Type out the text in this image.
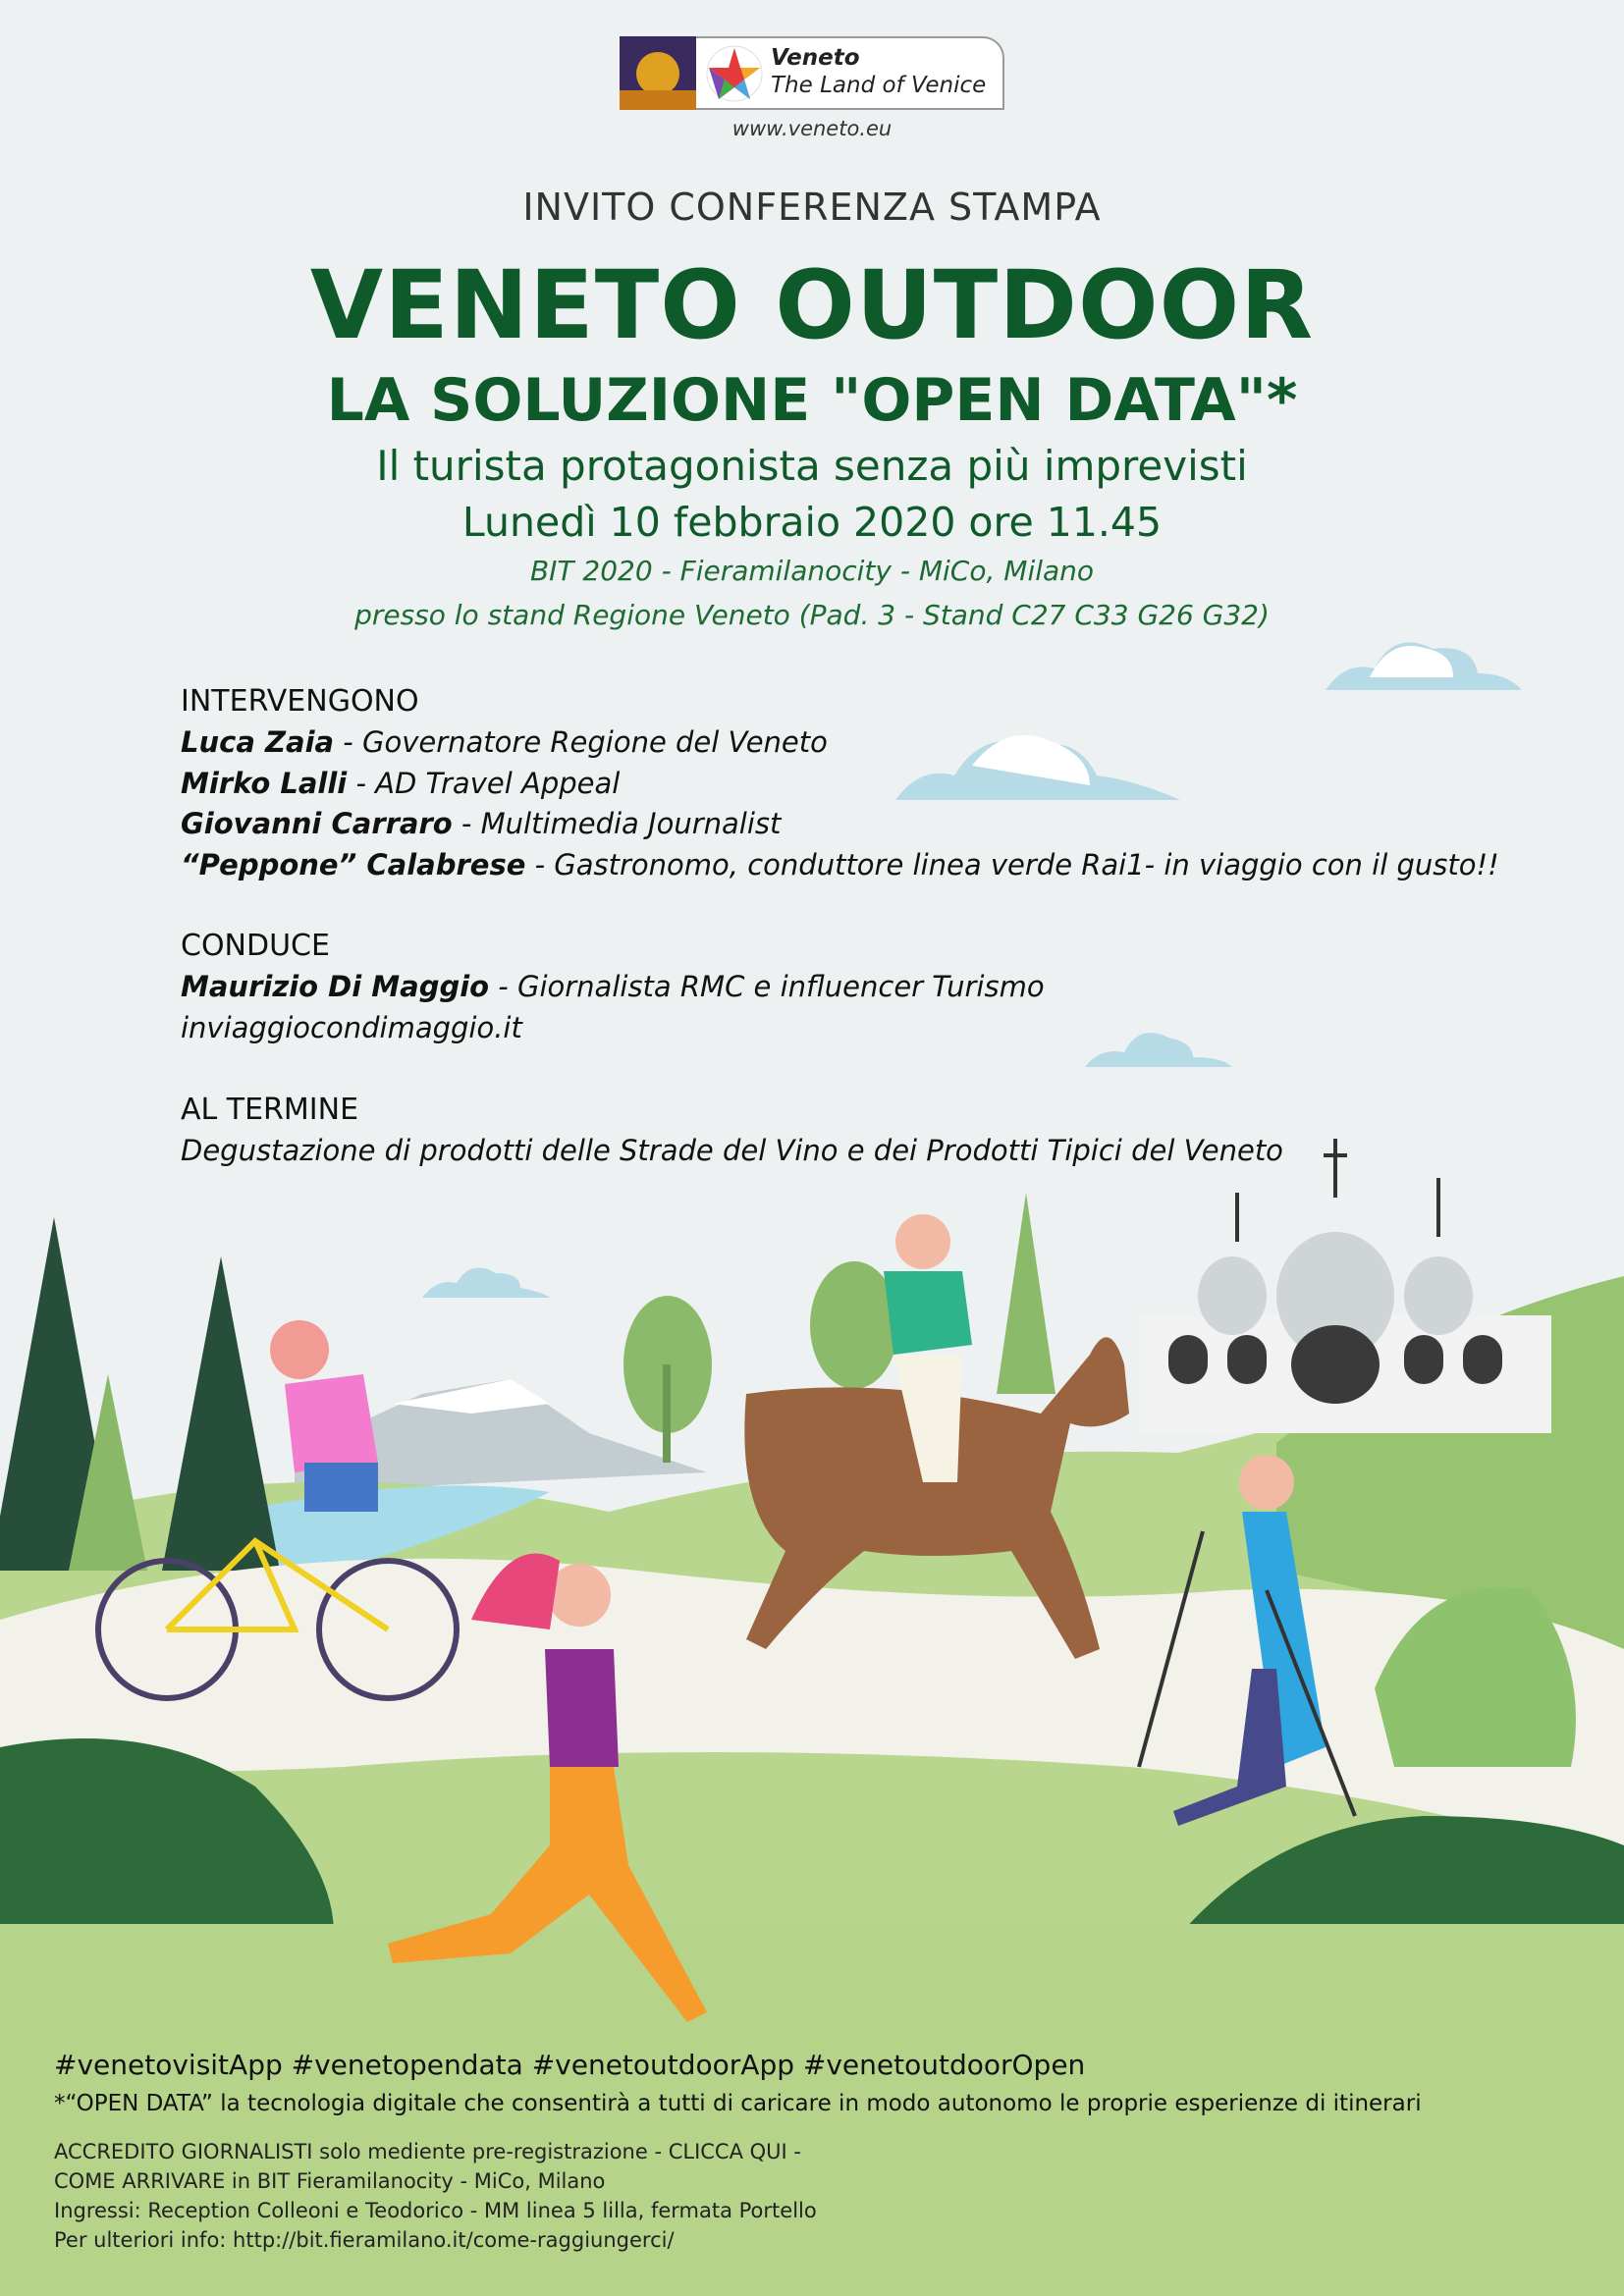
Veneto
The Land of Venice
www.veneto.eu
INVITO CONFERENZA STAMPA
VENETO OUTDOOR
LA SOLUZIONE "OPEN DATA"*
Il turista protagonista senza più imprevisti
Lunedì 10 febbraio 2020 ore 11.45
BIT 2020 - Fieramilanocity - MiCo, Milano
presso lo stand Regione Veneto (Pad. 3 - Stand C27 C33 G26 G32)
INTERVENGONO
Luca Zaia - Governatore Regione del Veneto
Mirko Lalli - AD Travel Appeal
Giovanni Carraro - Multimedia Journalist
“Peppone” Calabrese - Gastronomo, conduttore linea verde Rai1- in viaggio con il gusto!!
CONDUCE
Maurizio Di Maggio - Giornalista RMC e influencer Turismo
inviaggiocondimaggio.it
AL TERMINE
Degustazione di prodotti delle Strade del Vino e dei Prodotti Tipici del Veneto
#venetovisitApp #venetopendata #venetoutdoorApp #venetoutdoorOpen
*“OPEN DATA” la tecnologia digitale che consentirà a tutti di caricare in modo autonomo le proprie esperienze di itinerari
ACCREDITO GIORNALISTI solo mediente pre-registrazione - CLICCA QUI -
COME ARRIVARE in BIT Fieramilanocity - MiCo, Milano
Ingressi: Reception Colleoni e Teodorico - MM linea 5 lilla, fermata Portello
Per ulteriori info: http://bit.fieramilano.it/come-raggiungerci/
